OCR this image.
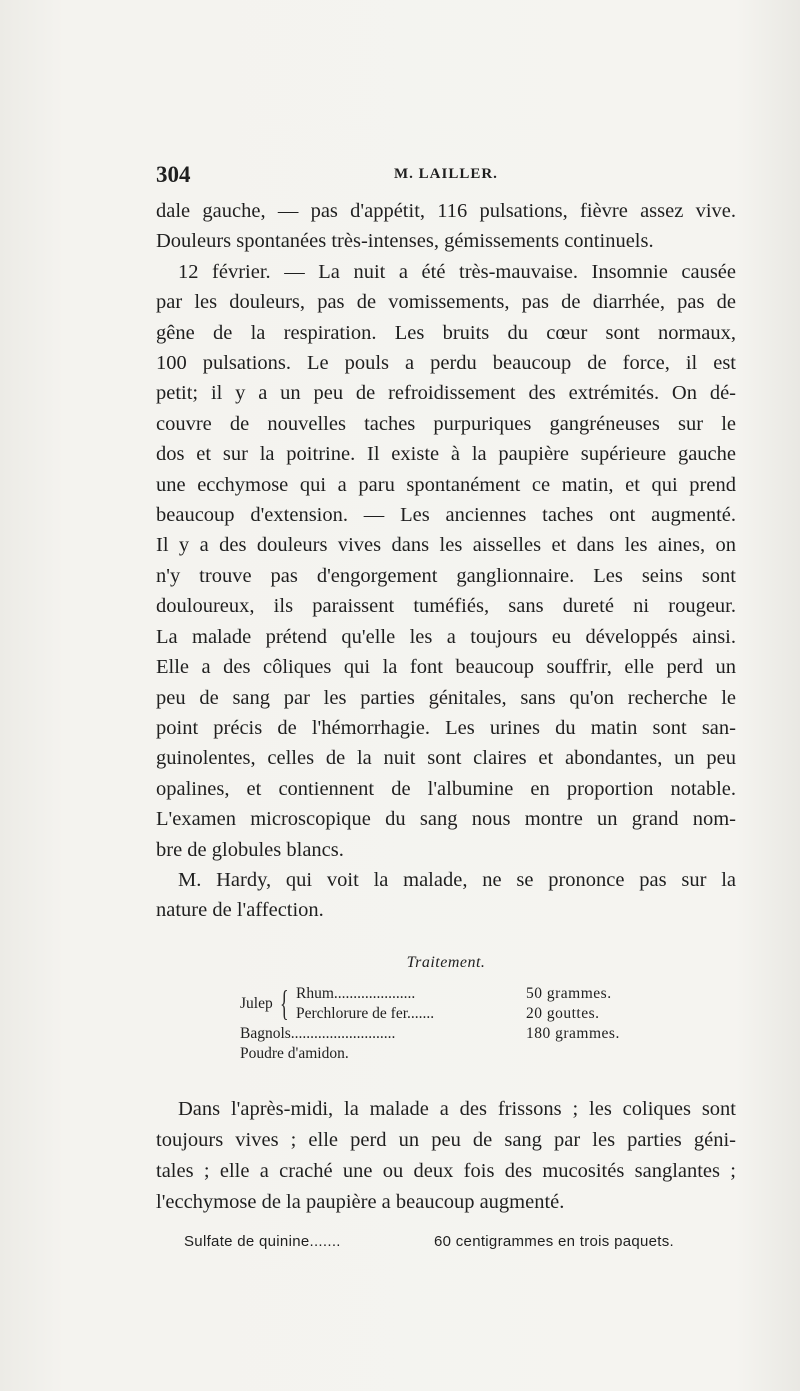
304	M. LAILLER.
dale gauche, — pas d'appétit, 116 pulsations, fièvre assez vive.
Douleurs spontanées très-intenses, gémissements continuels.
12 février. — La nuit a été très-mauvaise. Insomnie causée
par les douleurs, pas de vomissements, pas de diarrhée, pas de
gêne de la respiration. Les bruits du cœur sont normaux,
100 pulsations. Le pouls a perdu beaucoup de force, il est
petit; il y a un peu de refroidissement des extrémités. On dé-
couvre de nouvelles taches purpuriques gangréneuses sur le
dos et sur la poitrine. Il existe à la paupière supérieure gauche
une ecchymose qui a paru spontanément ce matin, et qui prend
beaucoup d'extension. — Les anciennes taches ont augmenté.
Il y a des douleurs vives dans les aisselles et dans les aines, on
n'y trouve pas d'engorgement ganglionnaire. Les seins sont
douloureux, ils paraissent tuméfiés, sans dureté ni rougeur.
La malade prétend qu'elle les a toujours eu développés ainsi.
Elle a des côliques qui la font beaucoup souffrir, elle perd un
peu de sang par les parties génitales, sans qu'on recherche le
point précis de l'hémorrhagie. Les urines du matin sont san-
guinolentes, celles de la nuit sont claires et abondantes, un peu
opalines, et contiennent de l'albumine en proportion notable.
L'examen microscopique du sang nous montre un grand nom-
bre de globules blancs.
M. Hardy, qui voit la malade, ne se prononce pas sur la
nature de l'affection.
Traitement.
Julep { Rhum.....................	50 grammes.
Perchlorure de fer.......	20 gouttes.
Bagnols...........................	180 grammes.
Poudre d'amidon.
Dans l'après-midi, la malade a des frissons ; les coliques sont
toujours vives ; elle perd un peu de sang par les parties géni-
tales ; elle a craché une ou deux fois des mucosités sanglantes ;
l'ecchymose de la paupière a beaucoup augmenté.
Sulfate de quinine.......	60 centigrammes en trois paquets.
